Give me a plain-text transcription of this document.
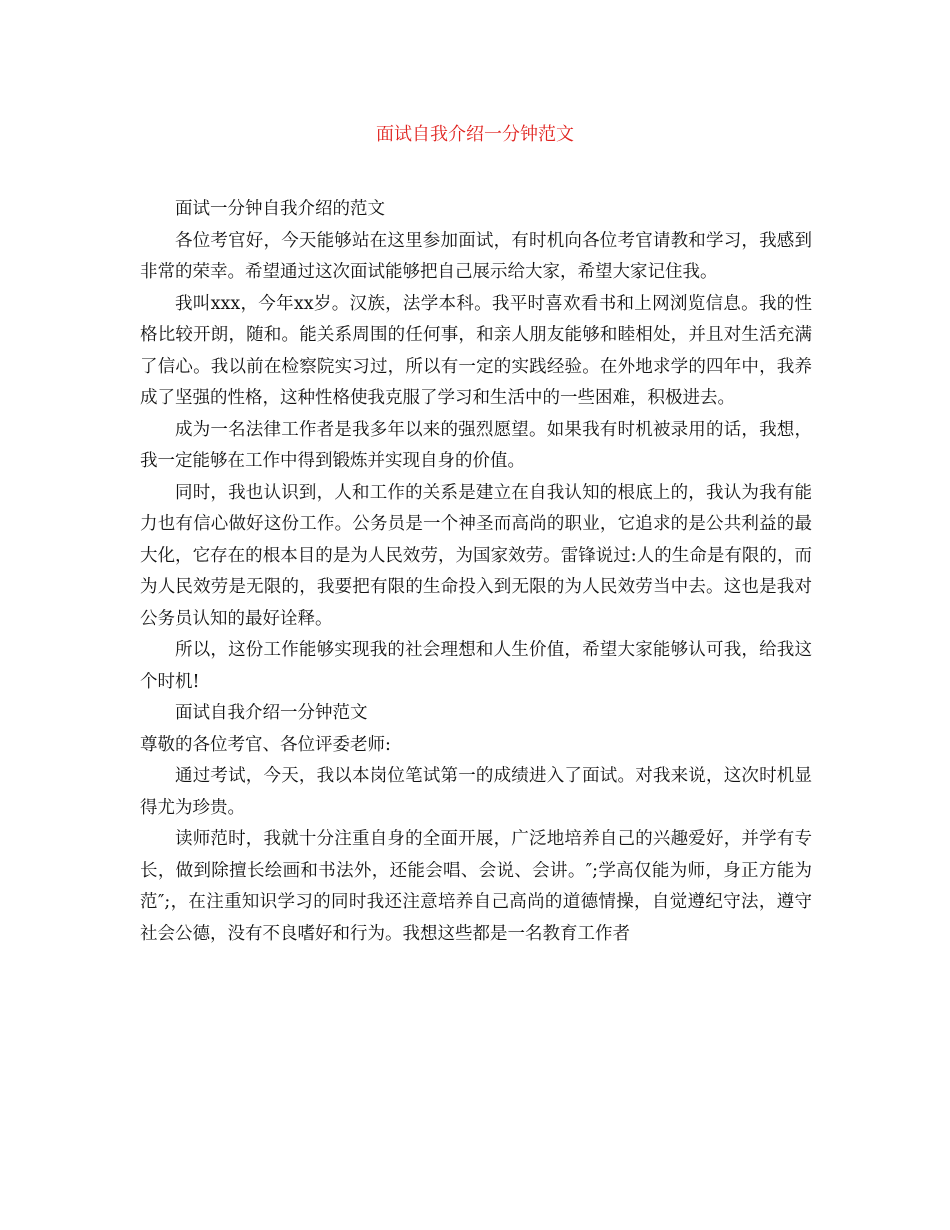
面试自我介绍一分钟范文

面试一分钟自我介绍的范文

各位考官好，今天能够站在这里参加面试，有时机向各位考官请教和学习，我感到非常的荣幸。希望通过这次面试能够把自己展示给大家，希望大家记住我。

我叫xxx，今年xx岁。汉族，法学本科。我平时喜欢看书和上网浏览信息。我的性格比较开朗，随和。能关系周围的任何事，和亲人朋友能够和睦相处，并且对生活充满了信心。我以前在检察院实习过，所以有一定的实践经验。在外地求学的四年中，我养成了坚强的性格，这种性格使我克服了学习和生活中的一些困难，积极进去。

成为一名法律工作者是我多年以来的强烈愿望。如果我有时机被录用的话，我想，我一定能够在工作中得到锻炼并实现自身的价值。

同时，我也认识到，人和工作的关系是建立在自我认知的根底上的，我认为我有能力也有信心做好这份工作。公务员是一个神圣而高尚的职业，它追求的是公共利益的最大化，它存在的根本目的是为人民效劳，为国家效劳。雷锋说过:人的生命是有限的，而为人民效劳是无限的，我要把有限的生命投入到无限的为人民效劳当中去。这也是我对公务员认知的最好诠释。

所以，这份工作能够实现我的社会理想和人生价值，希望大家能够认可我，给我这个时机!

面试自我介绍一分钟范文

尊敬的各位考官、各位评委老师:

通过考试，今天，我以本岗位笔试第一的成绩进入了面试。对我来说，这次时机显得尤为珍贵。

读师范时，我就十分注重自身的全面开展，广泛地培养自己的兴趣爱好，并学有专长，做到除擅长绘画和书法外，还能会唱、会说、会讲。″;学高仅能为师，身正方能为范″;，在注重知识学习的同时我还注意培养自己高尚的道德情操，自觉遵纪守法，遵守社会公德，没有不良嗜好和行为。我想这些都是一名教育工作者
